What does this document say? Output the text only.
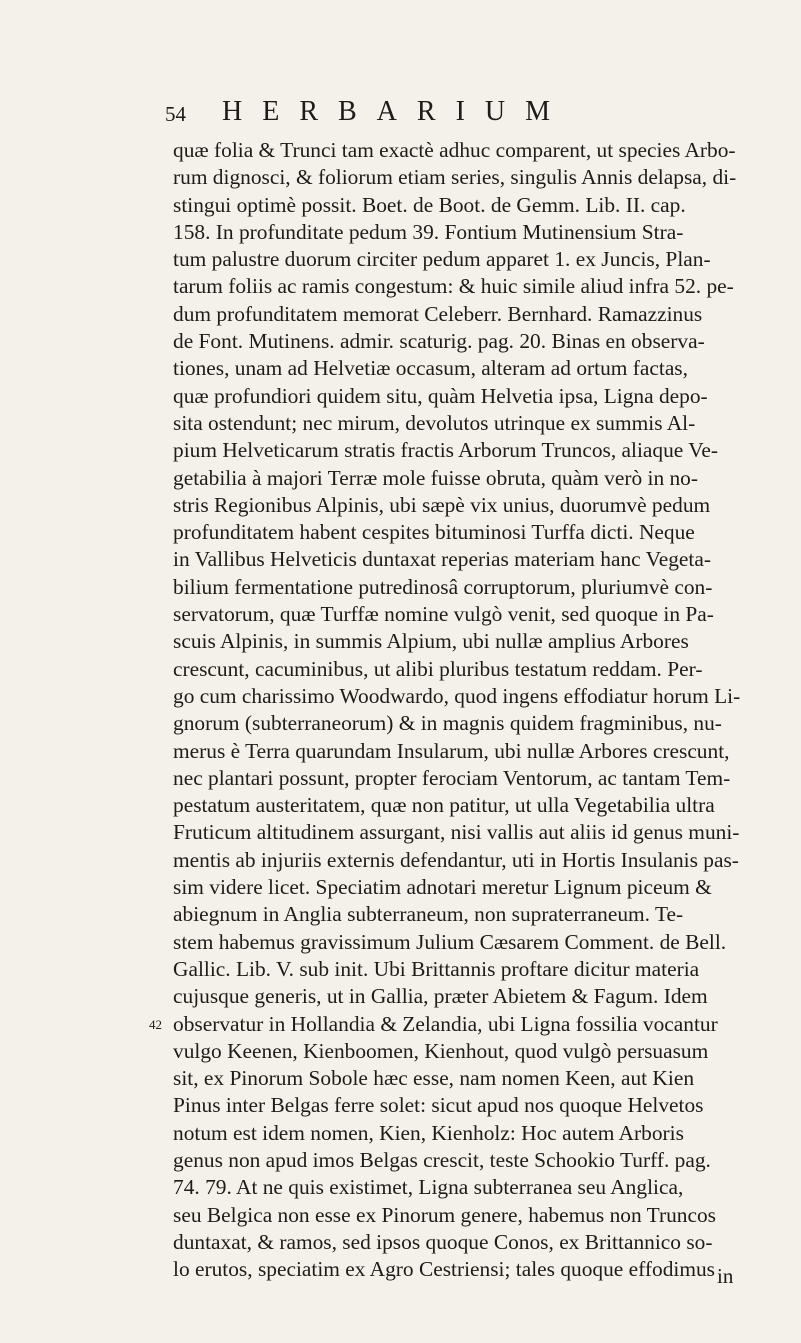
54 HERBARIUM
quæ folia & Trunci tam exactè adhuc comparent, ut species Arbo-
rum dignosci, & foliorum etiam series, singulis Annis delapsa, di-
stingui optimè possit. Boet. de Boot. de Gemm. Lib. II. cap.
158. In profunditate pedum 39. Fontium Mutinensium Stra-
tum palustre duorum circiter pedum apparet 1. ex Juncis, Plan-
tarum foliis ac ramis congestum: & huic simile aliud infra 52. pe-
dum profunditatem memorat Celeberr. Bernhard. Ramazzinus
de Font. Mutinens. admir. scaturig. pag. 20. Binas en observa-
tiones, unam ad Helvetiæ occasum, alteram ad ortum factas,
quæ profundiori quidem situ, quàm Helvetia ipsa, Ligna depo-
sita ostendunt; nec mirum, devolutos utrinque ex summis Al-
pium Helveticarum stratis fractis Arborum Truncos, aliaque Ve-
getabilia à majori Terræ mole fuisse obruta, quàm verò in no-
stris Regionibus Alpinis, ubi sæpè vix unius, duorumvè pedum
profunditatem habent cespites bituminosi Turffa dicti. Neque
in Vallibus Helveticis duntaxat reperias materiam hanc Vegeta-
bilium fermentatione putredinosâ corruptorum, pluriumvè con-
servatorum, quæ Turffæ nomine vulgò venit, sed quoque in Pa-
scuis Alpinis, in summis Alpium, ubi nullæ amplius Arbores
crescunt, cacuminibus, ut alibi pluribus testatum reddam. Per-
go cum charissimo Woodwardo, quod ingens effodiatur horum Li-
gnorum (subterraneorum) & in magnis quidem fragminibus, nu-
merus è Terra quarundam Insularum, ubi nullæ Arbores crescunt,
nec plantari possunt, propter ferociam Ventorum, ac tantam Tem-
pestatum austeritatem, quæ non patitur, ut ulla Vegetabilia ultra
Fruticum altitudinem assurgant, nisi vallis aut aliis id genus muni-
mentis ab injuriis externis defendantur, uti in Hortis Insulanis pas-
sim videre licet. Speciatim adnotari meretur Lignum piceum &
abiegnum in Anglia subterraneum, non supraterraneum. Te-
stem habemus gravissimum Julium Cæsarem Comment. de Bell.
Gallic. Lib. V. sub init. Ubi Brittannis proftare dicitur materia
cujusque generis, ut in Gallia, præter Abietem & Fagum. Idem
observatur in Hollandia & Zelandia, ubi Ligna fossilia vocantur
vulgo Keenen, Kienboomen, Kienhout, quod vulgò persuasum
sit, ex Pinorum Sobole hæc esse, nam nomen Keen, aut Kien
Pinus inter Belgas ferre solet: sicut apud nos quoque Helvetos
notum est idem nomen, Kien, Kienholz: Hoc autem Arboris
genus non apud imos Belgas crescit, teste Schookio Turff. pag.
74. 79. At ne quis existimet, Ligna subterranea seu Anglica,
seu Belgica non esse ex Pinorum genere, habemus non Truncos
duntaxat, & ramos, sed ipsos quoque Conos, ex Brittannico so-
lo erutos, speciatim ex Agro Cestriensi; tales quoque effodimus
42
in
